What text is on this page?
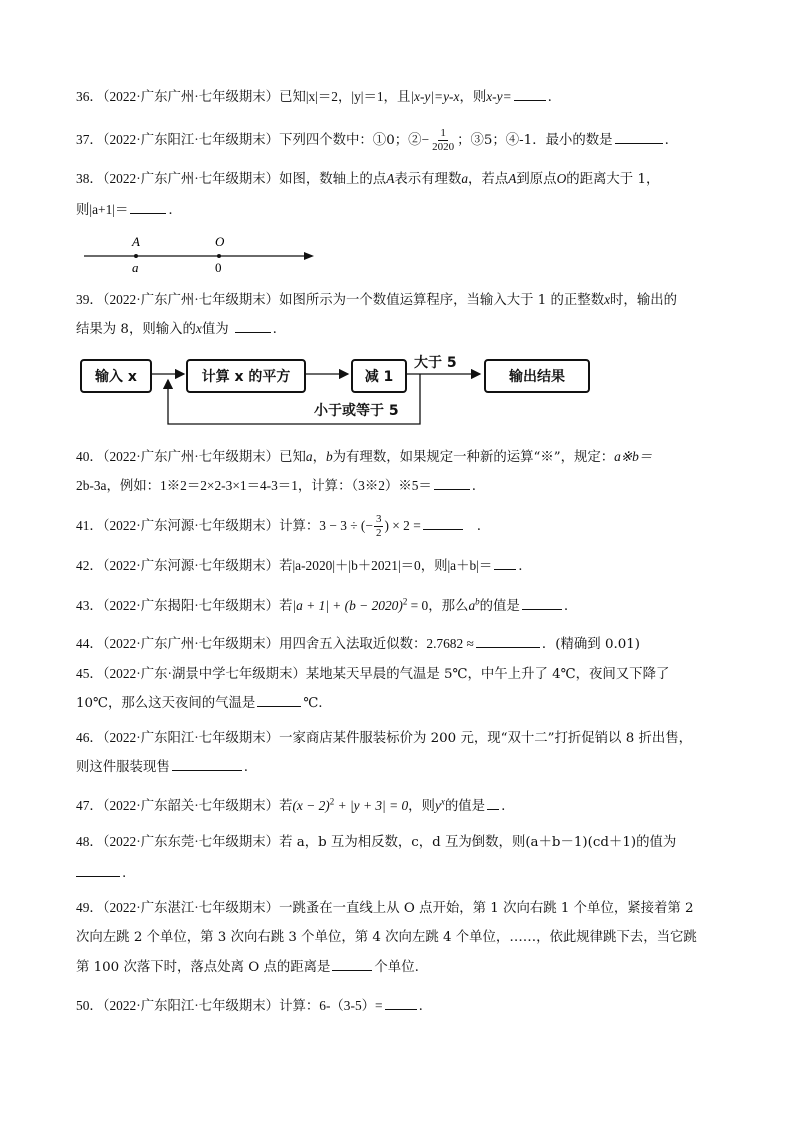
36．（2022·广东广州·七年级期末）已知|x|＝2，|y|＝1，且|x-y|=y-x，则x-y=	.
37．（2022·广东阳江·七年级期末）下列四个数中：①0；②− $\frac{1}{2020}$ ；③5；④-1．最小的数是	.
38．（2022·广东广州·七年级期末）如图，数轴上的点A表示有理数a，若点A到原点O的距离大于 1，
则|a+1|＝	.
A	O
a	0
39．（2022·广东广州·七年级期末）如图所示为一个数值运算程序，当输入大于 1 的正整数x时，输出的
结果为 8，则输入的x值为	.
输入 x	计算 x 的平方	减 1	输出结果
大于 5
小于或等于 5
40．（2022·广东广州·七年级期末）已知a，b为有理数，如果规定一种新的运算“※”，规定：a※b＝
2b-3a，例如：1※2＝2×2-3×1＝4-3＝1，计算：（3※2）※5＝	.
41．（2022·广东河源·七年级期末）计算：3 − 3 ÷ (− $\frac{3}{2}$ ) × 2 =	.
42．（2022·广东河源·七年级期末）若|a-2020|＋|b＋2021|＝0，则|a＋b|＝ .
43．（2022·广东揭阳·七年级期末）若$|a + 1| + (b - 2020)^2 = 0$，那么$a^b$的值是	.
44．（2022·广东广州·七年级期末）用四舍五入法取近似数：2.7682 ≈	．(精确到 0.01)
45．（2022·广东·湖景中学七年级期末）某地某天早晨的气温是 5℃，中午上升了 4℃，夜间又下降了
10℃，那么这天夜间的气温是	℃.
46．（2022·广东阳江·七年级期末）一家商店某件服装标价为 200 元，现“双十二”打折促销以 8 折出售，
则这件服装现售	.
47．（2022·广东韶关·七年级期末）若$(x - 2)^2 + |y + 3| = 0$，则$y^x$的值是 .
48．（2022·广东东莞·七年级期末）若 a，b 互为相反数，c，d 互为倒数，则(a＋b－1)(cd＋1)的值为
.
49．（2022·广东湛江·七年级期末）一跳蚤在一直线上从 O 点开始，第 1 次向右跳 1 个单位，紧接着第 2
次向左跳 2 个单位，第 3 次向右跳 3 个单位，第 4 次向左跳 4 个单位，……，依此规律跳下去，当它跳
第 100 次落下时，落点处离 O 点的距离是	个单位.
50．（2022·广东阳江·七年级期末）计算：6-（3-5）=	.
